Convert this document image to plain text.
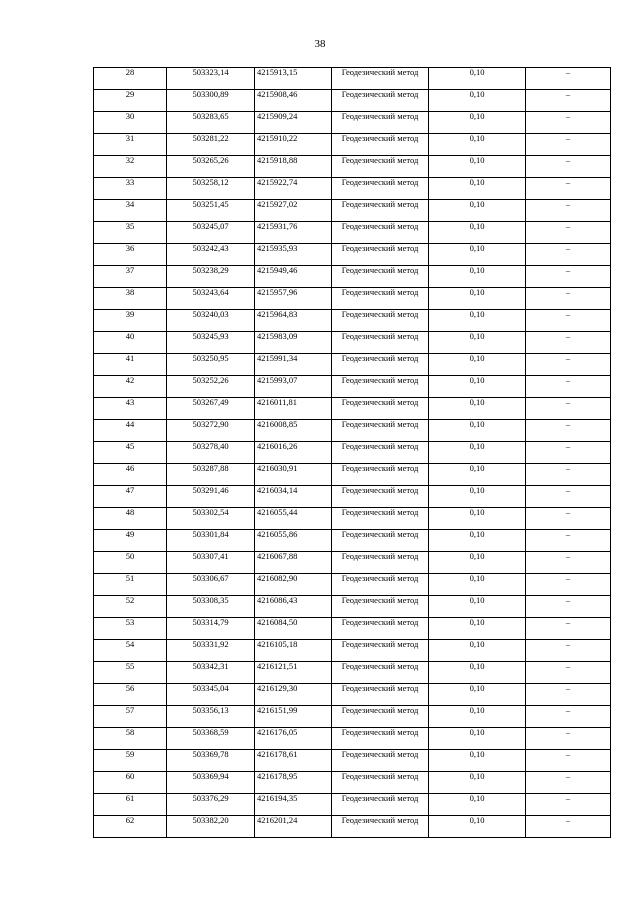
38
28	503323,14	4215913,15	Геодезический метод	0,10	–
29	503300,89	4215908,46	Геодезический метод	0,10	–
30	503283,65	4215909,24	Геодезический метод	0,10	–
31	503281,22	4215910,22	Геодезический метод	0,10	–
32	503265,26	4215918,88	Геодезический метод	0,10	–
33	503258,12	4215922,74	Геодезический метод	0,10	–
34	503251,45	4215927,02	Геодезический метод	0,10	–
35	503245,07	4215931,76	Геодезический метод	0,10	–
36	503242,43	4215935,93	Геодезический метод	0,10	–
37	503238,29	4215949,46	Геодезический метод	0,10	–
38	503243,64	4215957,96	Геодезический метод	0,10	–
39	503240,03	4215964,83	Геодезический метод	0,10	–
40	503245,93	4215983,09	Геодезический метод	0,10	–
41	503250,95	4215991,34	Геодезический метод	0,10	–
42	503252,26	4215993,07	Геодезический метод	0,10	–
43	503267,49	4216011,81	Геодезический метод	0,10	–
44	503272,90	4216008,85	Геодезический метод	0,10	–
45	503278,40	4216016,26	Геодезический метод	0,10	–
46	503287,88	4216030,91	Геодезический метод	0,10	–
47	503291,46	4216034,14	Геодезический метод	0,10	–
48	503302,54	4216055,44	Геодезический метод	0,10	–
49	503301,84	4216055,86	Геодезический метод	0,10	–
50	503307,41	4216067,88	Геодезический метод	0,10	–
51	503306,67	4216082,90	Геодезический метод	0,10	–
52	503308,35	4216086,43	Геодезический метод	0,10	–
53	503314,79	4216084,50	Геодезический метод	0,10	–
54	503331,92	4216105,18	Геодезический метод	0,10	–
55	503342,31	4216121,51	Геодезический метод	0,10	–
56	503345,04	4216129,30	Геодезический метод	0,10	–
57	503356,13	4216151,99	Геодезический метод	0,10	–
58	503368,59	4216176,05	Геодезический метод	0,10	–
59	503369,78	4216178,61	Геодезический метод	0,10	–
60	503369,94	4216178,95	Геодезический метод	0,10	–
61	503376,29	4216194,35	Геодезический метод	0,10	–
62	503382,20	4216201,24	Геодезический метод	0,10	–
